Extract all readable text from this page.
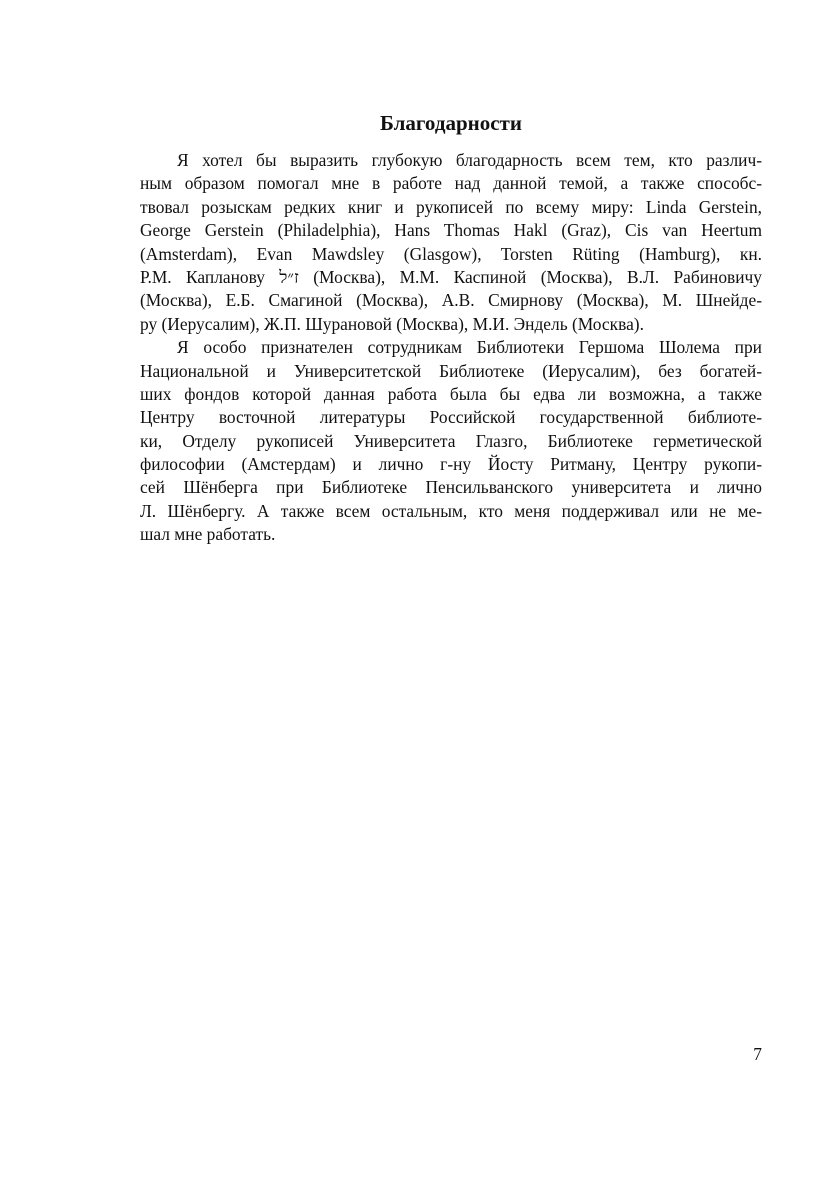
Благодарности
Я хотел бы выразить глубокую благодарность всем тем, кто различ-
ным образом помогал мне в работе над данной темой, а также способс-
твовал розыскам редких книг и рукописей по всему миру: Linda Gerstein,
George Gerstein (Philadelphia), Hans Thomas Hakl (Graz), Cis van Heertum
(Amsterdam), Evan Mawdsley (Glasgow), Torsten Rüting (Hamburg), кн.
Р.М. Капланову ז״ל (Москва), М.М. Каспиной (Москва), В.Л. Рабиновичу
(Москва), Е.Б. Смагиной (Москва), А.В. Смирнову (Москва), М. Шнейде-
ру (Иерусалим), Ж.П. Шурановой (Москва), М.И. Эндель (Москва).
Я особо признателен сотрудникам Библиотеки Гершома Шолема при
Национальной и Университетской Библиотеке (Иерусалим), без богатей-
ших фондов которой данная работа была бы едва ли возможна, а также
Центру восточной литературы Российской государственной библиоте-
ки, Отделу рукописей Университета Глазго, Библиотеке герметической
философии (Амстердам) и лично г-ну Йосту Ритману, Центру рукопи-
сей Шёнберга при Библиотеке Пенсильванского университета и лично
Л. Шёнбергу. А также всем остальным, кто меня поддерживал или не ме-
шал мне работать.
7
